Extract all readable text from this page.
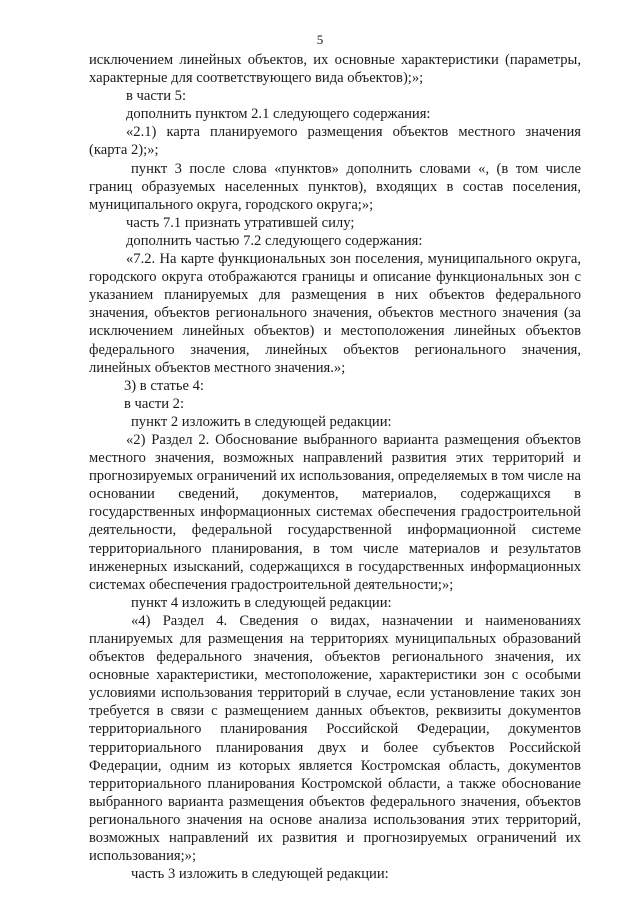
5

исключением линейных объектов, их основные характеристики (параметры, характерные для соответствующего вида объектов);»;

в части 5:

дополнить пунктом 2.1 следующего содержания:

«2.1) карта планируемого размещения объектов местного значения (карта 2);»;

пункт 3 после слова «пунктов» дополнить словами «, (в том числе границ образуемых населенных пунктов), входящих в состав поселения, муниципального округа, городского округа;»;

часть 7.1 признать утратившей силу;

дополнить частью 7.2 следующего содержания:

«7.2. На карте функциональных зон поселения, муниципального округа, городского округа отображаются границы и описание функциональных зон с указанием планируемых для размещения в них объектов федерального значения, объектов регионального значения, объектов местного значения (за исключением линейных объектов) и местоположения линейных объектов федерального значения, линейных объектов регионального значения, линейных объектов местного значения.»;

3) в статье 4:

в части 2:

пункт 2 изложить в следующей редакции:

«2) Раздел 2. Обоснование выбранного варианта размещения объектов местного значения, возможных направлений развития этих территорий и прогнозируемых ограничений их использования, определяемых в том числе на основании сведений, документов, материалов, содержащихся в государственных информационных системах обеспечения градостроительной деятельности, федеральной государственной информационной системе территориального планирования, в том числе материалов и результатов инженерных изысканий, содержащихся в государственных информационных системах обеспечения градостроительной деятельности;»;

пункт 4 изложить в следующей редакции:

«4) Раздел 4. Сведения о видах, назначении и наименованиях планируемых для размещения на территориях муниципальных образований объектов федерального значения, объектов регионального значения, их основные характеристики, местоположение, характеристики зон с особыми условиями использования территорий в случае, если установление таких зон требуется в связи с размещением данных объектов, реквизиты документов территориального планирования Российской Федерации, документов территориального планирования двух и более субъектов Российской Федерации, одним из которых является Костромская область, документов территориального планирования Костромской области, а также обоснование выбранного варианта размещения объектов федерального значения, объектов регионального значения на основе анализа использования этих территорий, возможных направлений их развития и прогнозируемых ограничений их использования;»;

часть 3 изложить в следующей редакции:
